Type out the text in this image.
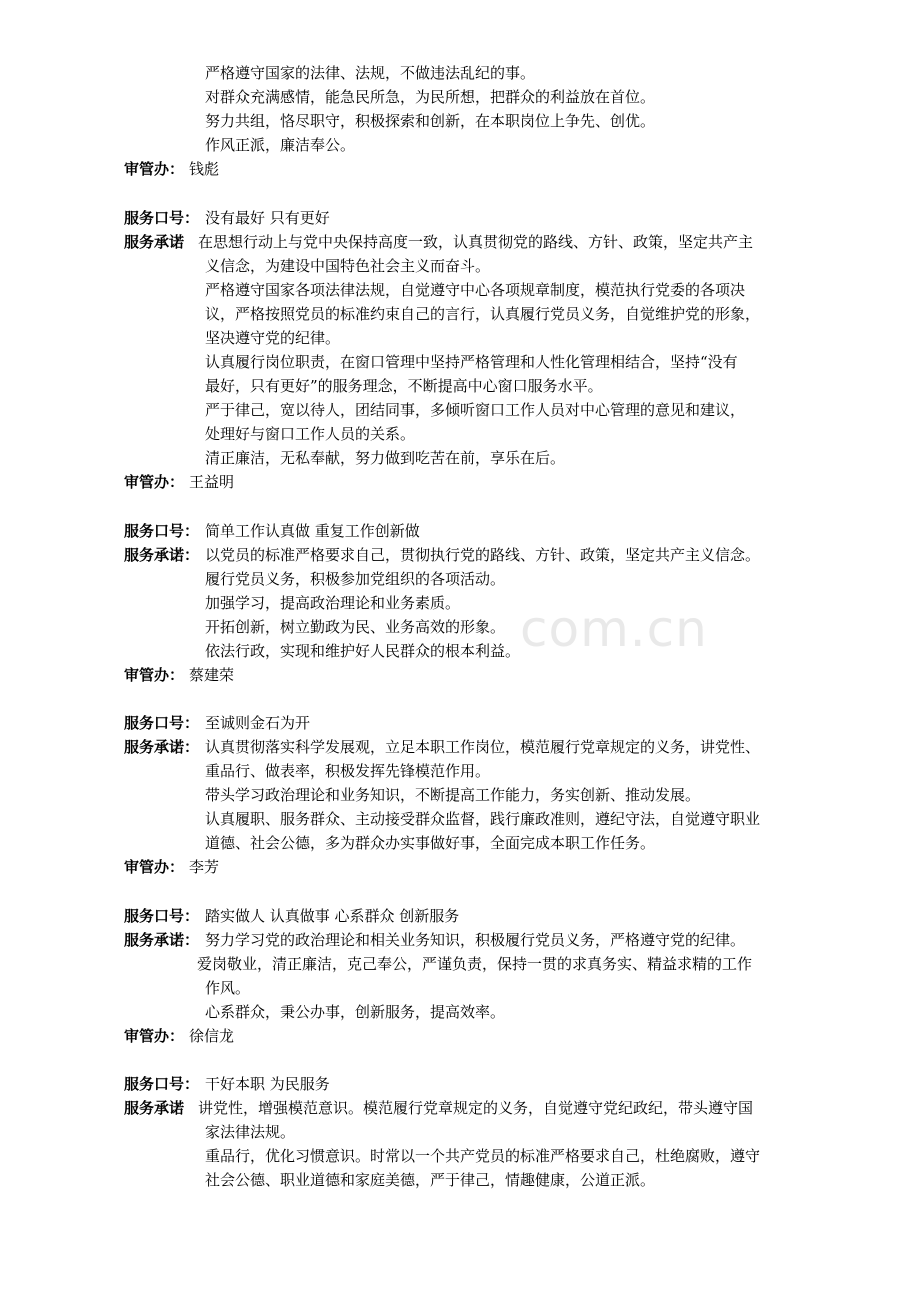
com.cn
严格遵守国家的法律、法规，不做违法乱纪的事。
对群众充满感情，能急民所急，为民所想，把群众的利益放在首位。
努力共组，恪尽职守，积极探索和创新，在本职岗位上争先、创优。
作风正派，廉洁奉公。
审管办： 钱彪
服务口号： 没有最好 只有更好
服务承诺 在思想行动上与党中央保持高度一致，认真贯彻党的路线、方针、政策，坚定共产主
义信念，为建设中国特色社会主义而奋斗。
严格遵守国家各项法律法规，自觉遵守中心各项规章制度，模范执行党委的各项决
议，严格按照党员的标准约束自己的言行，认真履行党员义务，自觉维护党的形象，
坚决遵守党的纪律。
认真履行岗位职责，在窗口管理中坚持严格管理和人性化管理相结合，坚持“没有
最好，只有更好”的服务理念，不断提高中心窗口服务水平。
严于律己，宽以待人，团结同事，多倾听窗口工作人员对中心管理的意见和建议，
处理好与窗口工作人员的关系。
清正廉洁，无私奉献，努力做到吃苦在前，享乐在后。
审管办： 王益明
服务口号： 简单工作认真做 重复工作创新做
服务承诺： 以党员的标准严格要求自己，贯彻执行党的路线、方针、政策，坚定共产主义信念。
履行党员义务，积极参加党组织的各项活动。
加强学习，提高政治理论和业务素质。
开拓创新，树立勤政为民、业务高效的形象。
依法行政，实现和维护好人民群众的根本利益。
审管办： 蔡建荣
服务口号： 至诚则金石为开
服务承诺： 认真贯彻落实科学发展观，立足本职工作岗位，模范履行党章规定的义务，讲党性、
重品行、做表率，积极发挥先锋模范作用。
带头学习政治理论和业务知识，不断提高工作能力，务实创新、推动发展。
认真履职、服务群众、主动接受群众监督，践行廉政准则，遵纪守法，自觉遵守职业
道德、社会公德，多为群众办实事做好事，全面完成本职工作任务。
审管办： 李芳
服务口号： 踏实做人 认真做事 心系群众 创新服务
服务承诺： 努力学习党的政治理论和相关业务知识，积极履行党员义务，严格遵守党的纪律。
爱岗敬业，清正廉洁，克己奉公，严谨负责，保持一贯的求真务实、精益求精的工作
作风。
心系群众，秉公办事，创新服务，提高效率。
审管办： 徐信龙
服务口号： 干好本职 为民服务
服务承诺 讲党性，增强模范意识。模范履行党章规定的义务，自觉遵守党纪政纪，带头遵守国
家法律法规。
重品行，优化习惯意识。时常以一个共产党员的标准严格要求自己，杜绝腐败，遵守
社会公德、职业道德和家庭美德，严于律己，情趣健康，公道正派。
